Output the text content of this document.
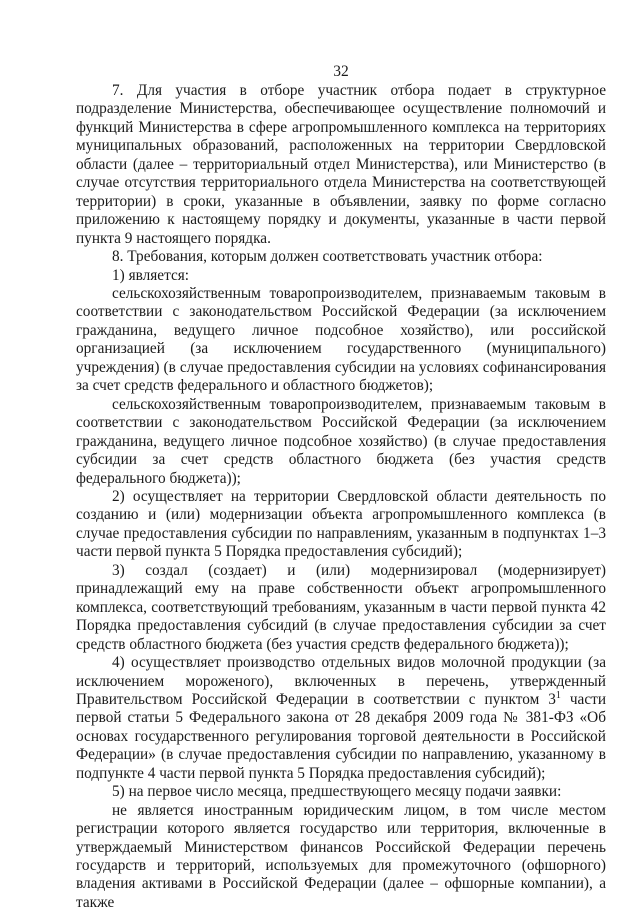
32

7. Для участия в отборе участник отбора подает в структурное подразделение Министерства, обеспечивающее осуществление полномочий и функций Министерства в сфере агропромышленного комплекса на территориях муниципальных образований, расположенных на территории Свердловской области (далее – территориальный отдел Министерства), или Министерство (в случае отсутствия территориального отдела Министерства на соответствующей территории) в сроки, указанные в объявлении, заявку по форме согласно приложению к настоящему порядку и документы, указанные в части первой пункта 9 настоящего порядка.

8. Требования, которым должен соответствовать участник отбора:

1) является:

сельскохозяйственным товаропроизводителем, признаваемым таковым в соответствии с законодательством Российской Федерации (за исключением гражданина, ведущего личное подсобное хозяйство), или российской организацией (за исключением государственного (муниципального) учреждения) (в случае предоставления субсидии на условиях софинансирования за счет средств федерального и областного бюджетов);

сельскохозяйственным товаропроизводителем, признаваемым таковым в соответствии с законодательством Российской Федерации (за исключением гражданина, ведущего личное подсобное хозяйство) (в случае предоставления субсидии за счет средств областного бюджета (без участия средств федерального бюджета));

2) осуществляет на территории Свердловской области деятельность по созданию и (или) модернизации объекта агропромышленного комплекса (в случае предоставления субсидии по направлениям, указанным в подпунктах 1–3 части первой пункта 5 Порядка предоставления субсидий);

3) создал (создает) и (или) модернизировал (модернизирует) принадлежащий ему на праве собственности объект агропромышленного комплекса, соответствующий требованиям, указанным в части первой пункта 42 Порядка предоставления субсидий (в случае предоставления субсидии за счет средств областного бюджета (без участия средств федерального бюджета));

4) осуществляет производство отдельных видов молочной продукции (за исключением мороженого), включенных в перечень, утвержденный Правительством Российской Федерации в соответствии с пунктом 3$^1$ части первой статьи 5 Федерального закона от 28 декабря 2009 года № 381-ФЗ «Об основах государственного регулирования торговой деятельности в Российской Федерации» (в случае предоставления субсидии по направлению, указанному в подпункте 4 части первой пункта 5 Порядка предоставления субсидий);

5) на первое число месяца, предшествующего месяцу подачи заявки:

не является иностранным юридическим лицом, в том числе местом регистрации которого является государство или территория, включенные в утверждаемый Министерством финансов Российской Федерации перечень государств и территорий, используемых для промежуточного (офшорного) владения активами в Российской Федерации (далее – офшорные компании), а также
